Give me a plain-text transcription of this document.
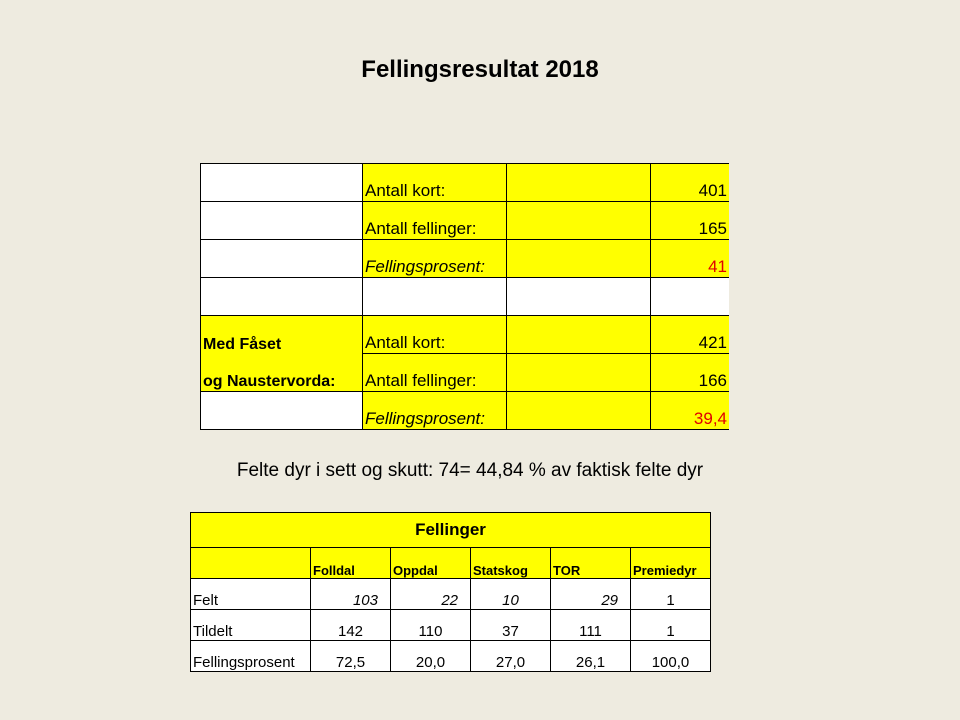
Fellingsresultat 2018
	Antall kort:		401
	Antall fellinger:		165
	Fellingsprosent:		41

Med Fåset	Antall kort:		421
og Naustervorda:	Antall fellinger:		166
	Fellingsprosent:		39,4
Felte dyr i sett og skutt: 74= 44,84 % av faktisk felte dyr
Fellinger					
	Folldal	Oppdal	Statskog	TOR	Premiedyr
Felt	103	22	10	29	1
Tildelt	142	110	37	111	1
Fellingsprosent	72,5	20,0	27,0	26,1	100,0
